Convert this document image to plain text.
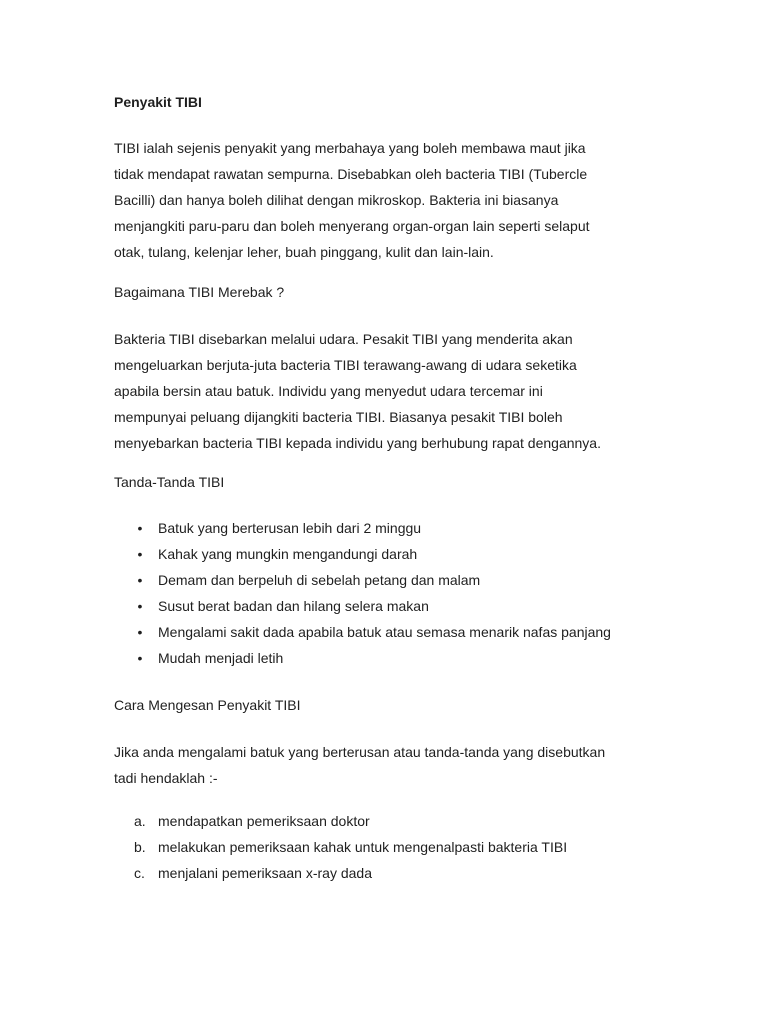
Penyakit TIBI

TIBI ialah sejenis penyakit yang merbahaya yang boleh membawa maut jika

tidak mendapat rawatan sempurna. Disebabkan oleh bacteria TIBI (Tubercle

Bacilli) dan hanya boleh dilihat dengan mikroskop. Bakteria ini biasanya

menjangkiti paru-paru dan boleh menyerang organ-organ lain seperti selaput

otak, tulang, kelenjar leher, buah pinggang, kulit dan lain-lain.

Bagaimana TIBI Merebak ?

Bakteria TIBI disebarkan melalui udara. Pesakit TIBI yang menderita akan

mengeluarkan berjuta-juta bacteria TIBI terawang-awang di udara seketika

apabila bersin atau batuk. Individu yang menyedut udara tercemar ini

mempunyai peluang dijangkiti bacteria TIBI. Biasanya pesakit TIBI boleh

menyebarkan bacteria TIBI kepada individu yang berhubung rapat dengannya.

Tanda-Tanda TIBI
• Batuk yang berterusan lebih dari 2 minggu
• Kahak yang mungkin mengandungi darah
• Demam dan berpeluh di sebelah petang dan malam
• Susut berat badan dan hilang selera makan
• Mengalami sakit dada apabila batuk atau semasa menarik nafas panjang
• Mudah menjadi letih
Cara Mengesan Penyakit TIBI

Jika anda mengalami batuk yang berterusan atau tanda-tanda yang disebutkan

tadi hendaklah :-

a. mendapatkan pemeriksaan doktor
b. melakukan pemeriksaan kahak untuk mengenalpasti bakteria TIBI
c. menjalani pemeriksaan x-ray dada
